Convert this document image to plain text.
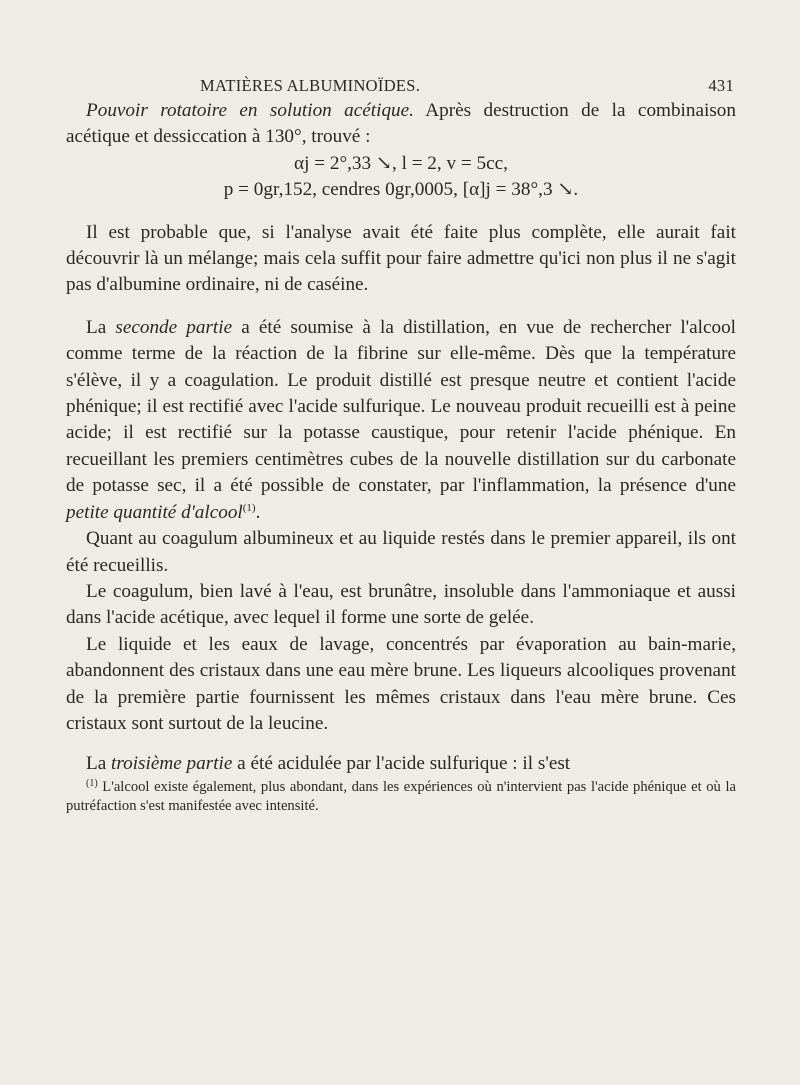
MATIÈRES ALBUMINOÏDES.	431

Pouvoir rotatoire en solution acétique. Après destruction de la combinaison acétique et dessiccation à 130°, trouvé :

αj = 2°,33 ↘, l = 2, v = 5cc,

p = 0gr,152, cendres 0gr,0005, [α]j = 38°,3 ↘.

Il est probable que, si l'analyse avait été faite plus complète, elle aurait fait découvrir là un mélange; mais cela suffit pour faire admettre qu'ici non plus il ne s'agit pas d'albumine ordinaire, ni de caséine.

La seconde partie a été soumise à la distillation, en vue de rechercher l'alcool comme terme de la réaction de la fibrine sur elle-même. Dès que la température s'élève, il y a coagulation. Le produit distillé est presque neutre et contient l'acide phénique; il est rectifié avec l'acide sulfurique. Le nouveau produit recueilli est à peine acide; il est rectifié sur la potasse caustique, pour retenir l'acide phénique. En recueillant les premiers centimètres cubes de la nouvelle distillation sur du carbonate de potasse sec, il a été possible de constater, par l'inflammation, la présence d'une petite quantité d'alcool$^{(1)}$.

Quant au coagulum albumineux et au liquide restés dans le premier appareil, ils ont été recueillis.

Le coagulum, bien lavé à l'eau, est brunâtre, insoluble dans l'ammoniaque et aussi dans l'acide acétique, avec lequel il forme une sorte de gelée.

Le liquide et les eaux de lavage, concentrés par évaporation au bain-marie, abandonnent des cristaux dans une eau mère brune. Les liqueurs alcooliques provenant de la première partie fournissent les mêmes cristaux dans l'eau mère brune. Ces cristaux sont surtout de la leucine.

La troisième partie a été acidulée par l'acide sulfurique : il s'est

$^{(1)}$ L'alcool existe également, plus abondant, dans les expériences où n'intervient pas l'acide phénique et où la putréfaction s'est manifestée avec intensité.
